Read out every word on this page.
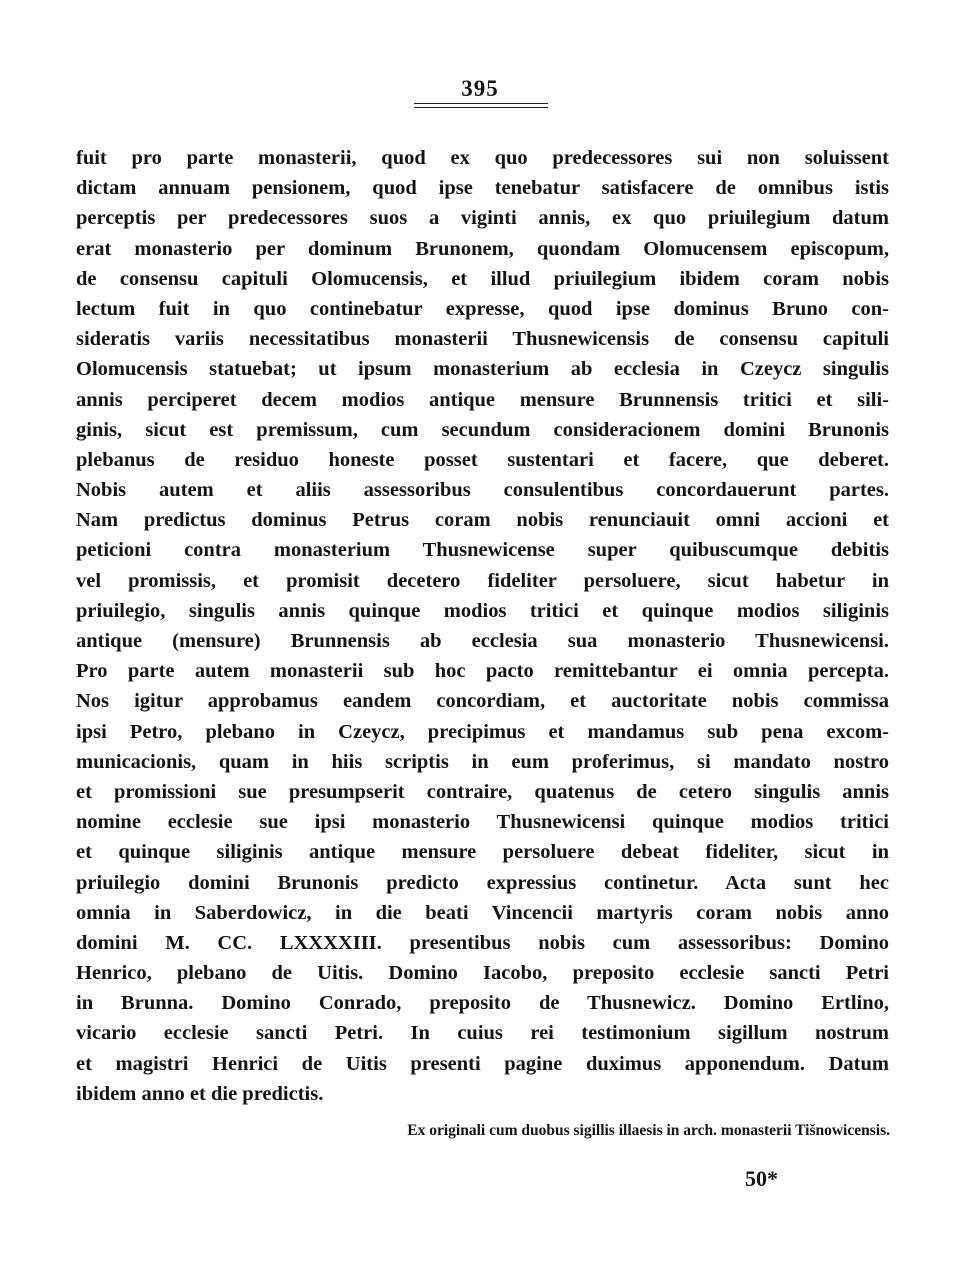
395
fuit pro parte monasterii, quod ex quo predecessores sui non soluissent
dictam annuam pensionem, quod ipse tenebatur satisfacere de omnibus istis
perceptis per predecessores suos a viginti annis, ex quo priuilegium datum
erat monasterio per dominum Brunonem, quondam Olomucensem episcopum,
de consensu capituli Olomucensis, et illud priuilegium ibidem coram nobis
lectum fuit in quo continebatur expresse, quod ipse dominus Bruno con-
sideratis variis necessitatibus monasterii Thusnewicensis de consensu capituli
Olomucensis statuebat; ut ipsum monasterium ab ecclesia in Czeycz singulis
annis perciperet decem modios antique mensure Brunnensis tritici et sili-
ginis, sicut est premissum, cum secundum consideracionem domini Brunonis
plebanus de residuo honeste posset sustentari et facere, que deberet.
Nobis autem et aliis assessoribus consulentibus concordauerunt partes.
Nam predictus dominus Petrus coram nobis renunciauit omni accioni et
peticioni contra monasterium Thusnewicense super quibuscumque debitis
vel promissis, et promisit decetero fideliter persoluere, sicut habetur in
priuilegio, singulis annis quinque modios tritici et quinque modios siliginis
antique (mensure) Brunnensis ab ecclesia sua monasterio Thusnewicensi.
Pro parte autem monasterii sub hoc pacto remittebantur ei omnia percepta.
Nos igitur approbamus eandem concordiam, et auctoritate nobis commissa
ipsi Petro, plebano in Czeycz, precipimus et mandamus sub pena excom-
municacionis, quam in hiis scriptis in eum proferimus, si mandato nostro
et promissioni sue presumpserit contraire, quatenus de cetero singulis annis
nomine ecclesie sue ipsi monasterio Thusnewicensi quinque modios tritici
et quinque siliginis antique mensure persoluere debeat fideliter, sicut in
priuilegio domini Brunonis predicto expressius continetur. Acta sunt hec
omnia in Saberdowicz, in die beati Vincencii martyris coram nobis anno
domini M. CC. LXXXXIII. presentibus nobis cum assessoribus: Domino
Henrico, plebano de Uitis. Domino Iacobo, preposito ecclesie sancti Petri
in Brunna. Domino Conrado, preposito de Thusnewicz. Domino Ertlino,
vicario ecclesie sancti Petri. In cuius rei testimonium sigillum nostrum
et magistri Henrici de Uitis presenti pagine duximus apponendum. Datum
ibidem anno et die predictis.
Ex originali cum duobus sigillis illaesis in arch. monasterii Tišnowicensis.
50*
